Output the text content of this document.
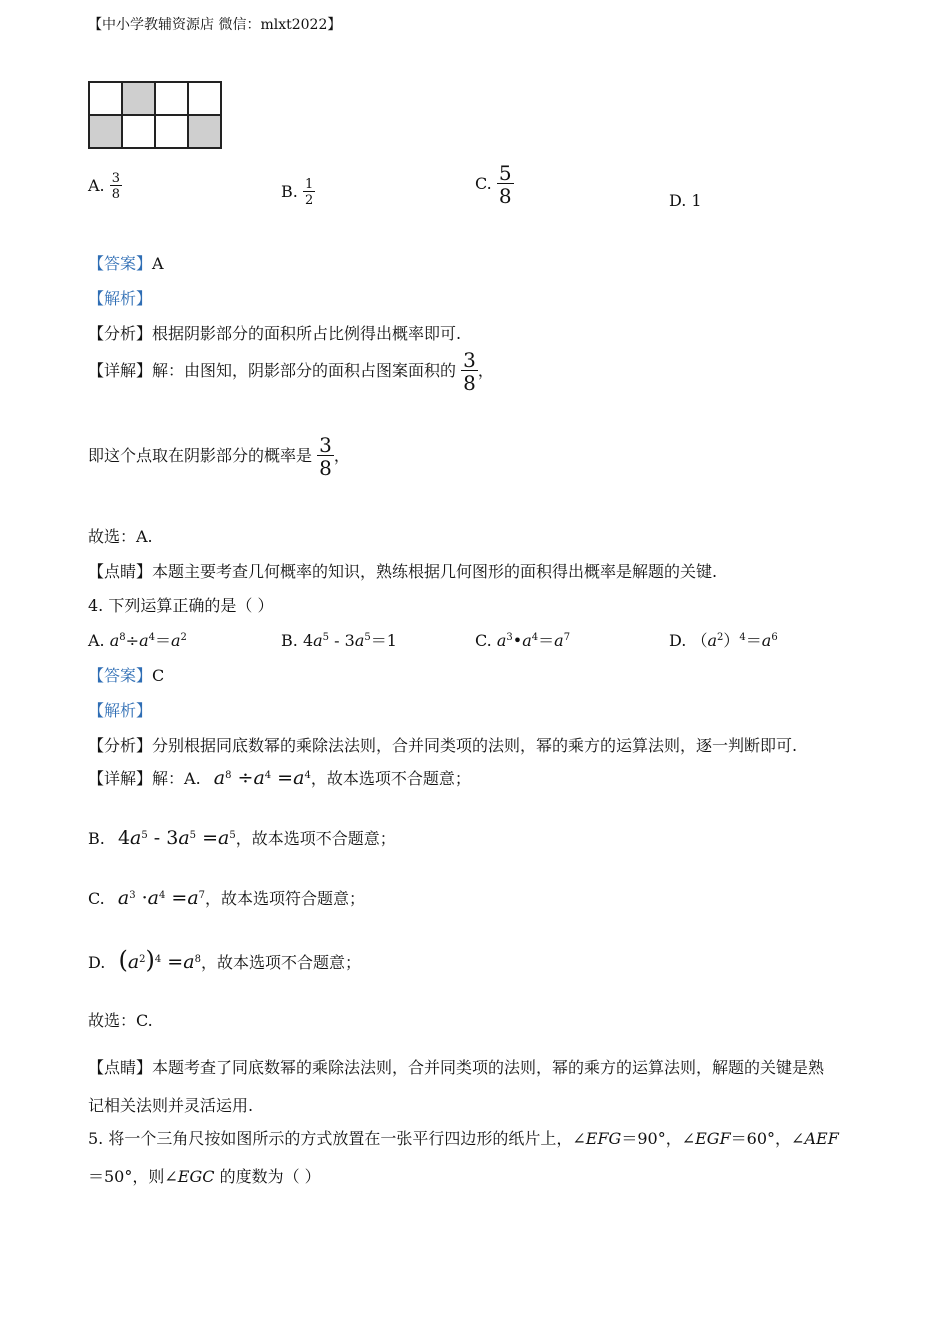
【中小学教辅资源店 微信：mlxt2022】
A. $\frac{3}{8}$	B. $\frac{1}{2}$	C. $\frac{5}{8}$	D. 1
【答案】A
【解析】
【分析】根据阴影部分的面积所占比例得出概率即可.
【详解】解：由图知，阴影部分的面积占图案面积的 $\frac{3}{8}$ ，
即这个点取在阴影部分的概率是 $\frac{3}{8}$ ，
故选：A.
【点睛】本题主要考查几何概率的知识，熟练根据几何图形的面积得出概率是解题的关键.
4. 下列运算正确的是（ ）
A. $a^8\div a^4=a^2$	B. $4a^5 - 3a^5=1$	C. $a^3•a^4=a^7$	D. $(a^2)^4=a^6$
【答案】C
【解析】
【分析】分别根据同底数幂的乘除法法则，合并同类项的法则，幂的乘方的运算法则，逐一判断即可.
【详解】解：A. $a^8 \div a^4 =a^4$，故本选项不合题意；
B. $4a^5 - 3a^5 =a^5$，故本选项不合题意；
C. $a^3 \cdot a^4 =a^7$，故本选项符合题意；
D. $(a^2)^4 =a^8$，故本选项不合题意；
故选：C.
【点睛】本题考查了同底数幂的乘除法法则，合并同类项的法则，幂的乘方的运算法则，解题的关键是熟
记相关法则并灵活运用.
5. 将一个三角尺按如图所示的方式放置在一张平行四边形的纸片上，∠EFG＝90°，∠EGF＝60°，∠AEF
＝50°，则∠EGC 的度数为（ ）
